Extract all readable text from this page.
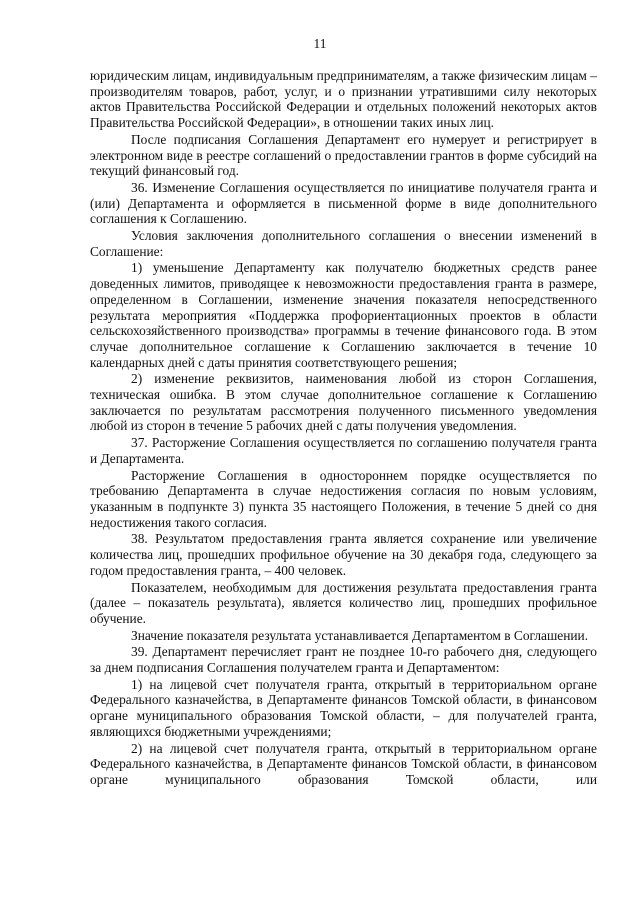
11

юридическим лицам, индивидуальным предпринимателям, а также физическим лицам – производителям товаров, работ, услуг, и о признании утратившими силу некоторых актов Правительства Российской Федерации и отдельных положений некоторых актов Правительства Российской Федерации», в отношении таких иных лиц.

После подписания Соглашения Департамент его нумерует и регистрирует в электронном виде в реестре соглашений о предоставлении грантов в форме субсидий на текущий финансовый год.

36. Изменение Соглашения осуществляется по инициативе получателя гранта и (или) Департамента и оформляется в письменной форме в виде дополнительного соглашения к Соглашению.

Условия заключения дополнительного соглашения о внесении изменений в Соглашение:

1) уменьшение Департаменту как получателю бюджетных средств ранее доведенных лимитов, приводящее к невозможности предоставления гранта в размере, определенном в Соглашении, изменение значения показателя непосредственного результата мероприятия «Поддержка профориентационных проектов в области сельскохозяйственного производства» программы в течение финансового года. В этом случае дополнительное соглашение к Соглашению заключается в течение 10 календарных дней с даты принятия соответствующего решения;

2) изменение реквизитов, наименования любой из сторон Соглашения, техническая ошибка. В этом случае дополнительное соглашение к Соглашению заключается по результатам рассмотрения полученного письменного уведомления любой из сторон в течение 5 рабочих дней с даты получения уведомления.

37. Расторжение Соглашения осуществляется по соглашению получателя гранта и Департамента.

Расторжение Соглашения в одностороннем порядке осуществляется по требованию Департамента в случае недостижения согласия по новым условиям, указанным в подпункте 3) пункта 35 настоящего Положения, в течение 5 дней со дня недостижения такого согласия.

38. Результатом предоставления гранта является сохранение или увеличение количества лиц, прошедших профильное обучение на 30 декабря года, следующего за годом предоставления гранта, – 400 человек.

Показателем, необходимым для достижения результата предоставления гранта (далее – показатель результата), является количество лиц, прошедших профильное обучение.

Значение показателя результата устанавливается Департаментом в Соглашении.

39. Департамент перечисляет грант не позднее 10-го рабочего дня, следующего за днем подписания Соглашения получателем гранта и Департаментом:

1) на лицевой счет получателя гранта, открытый в территориальном органе Федерального казначейства, в Департаменте финансов Томской области, в финансовом органе муниципального образования Томской области, – для получателей гранта, являющихся бюджетными учреждениями;

2) на лицевой счет получателя гранта, открытый в территориальном органе Федерального казначейства, в Департаменте финансов Томской области, в финансовом органе муниципального образования Томской области, или
